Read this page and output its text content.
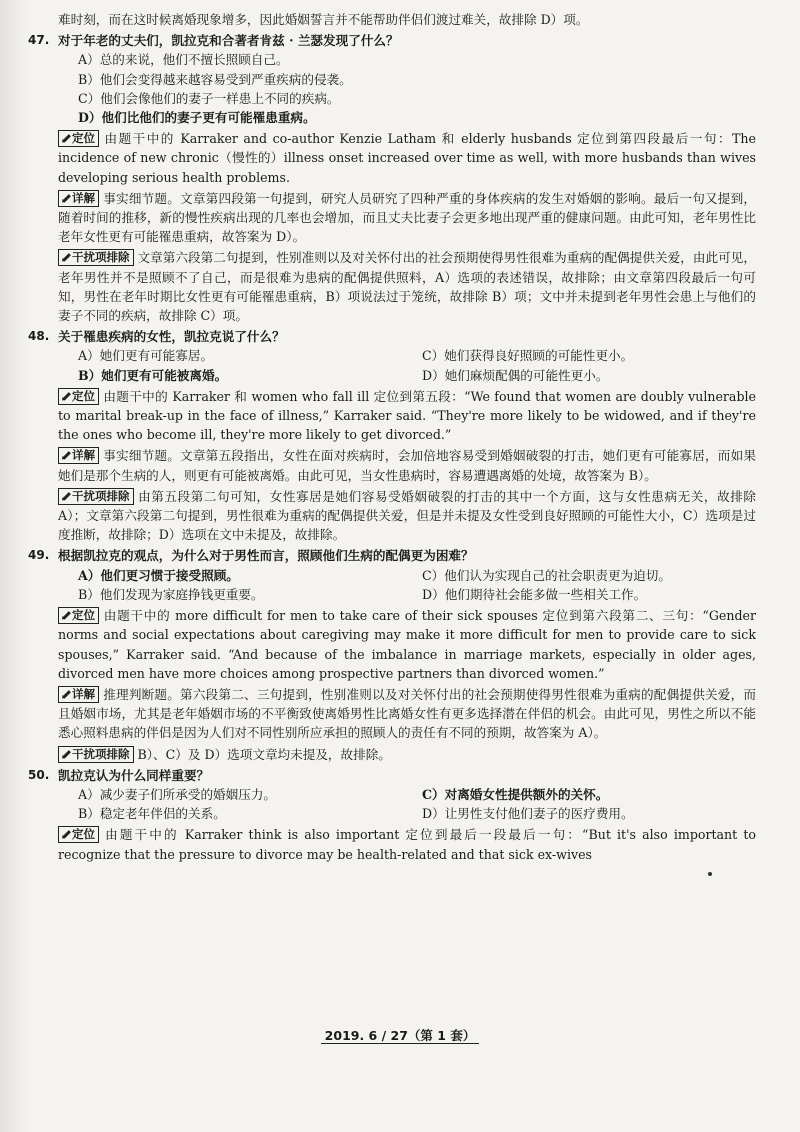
难时刻，而在这时候离婚现象增多，因此婚姻誓言并不能帮助伴侣们渡过难关，故排除 D）项。

47. 对于年老的丈夫们，凯拉克和合著者肯兹 · 兰瑟发现了什么？

A）总的来说，他们不擅长照顾自己。

B）他们会变得越来越容易受到严重疾病的侵袭。

C）他们会像他们的妻子一样患上不同的疾病。

D）他们比他们的妻子更有可能罹患重病。

定位 由题干中的 Karraker and co-author Kenzie Latham 和 elderly husbands 定位到第四段最后一句：The incidence of new chronic（慢性的）illness onset increased over time as well, with more husbands than wives developing serious health problems.

详解 事实细节题。文章第四段第一句提到，研究人员研究了四种严重的身体疾病的发生对婚姻的影响。最后一句又提到，随着时间的推移，新的慢性疾病出现的几率也会增加，而且丈夫比妻子会更多地出现严重的健康问题。由此可知，老年男性比老年女性更有可能罹患重病，故答案为 D）。

干扰项排除 文章第六段第二句提到，性别准则以及对关怀付出的社会预期使得男性很难为重病的配偶提供关爱，由此可见，老年男性并不是照顾不了自己，而是很难为患病的配偶提供照料，A）选项的表述错误，故排除；由文章第四段最后一句可知，男性在老年时期比女性更有可能罹患重病，B）项说法过于笼统，故排除 B）项；文中并未提到老年男性会患上与他们的妻子不同的疾病，故排除 C）项。

48. 关于罹患疾病的女性，凯拉克说了什么？

A）她们更有可能寡居。	C）她们获得良好照顾的可能性更小。

B）她们更有可能被离婚。	D）她们麻烦配偶的可能性更小。

定位 由题干中的 Karraker 和 women who fall ill 定位到第五段：“We found that women are doubly vulnerable to marital break-up in the face of illness,” Karraker said. “They're more likely to be widowed, and if they're the ones who become ill, they're more likely to get divorced.”

详解 事实细节题。文章第五段指出，女性在面对疾病时，会加倍地容易受到婚姻破裂的打击，她们更有可能寡居，而如果她们是那个生病的人，则更有可能被离婚。由此可见，当女性患病时，容易遭遇离婚的处境，故答案为 B）。

干扰项排除 由第五段第二句可知，女性寡居是她们容易受婚姻破裂的打击的其中一个方面，这与女性患病无关，故排除 A）；文章第六段第二句提到，男性很难为重病的配偶提供关爱，但是并未提及女性受到良好照顾的可能性大小，C）选项是过度推断，故排除；D）选项在文中未提及，故排除。

49. 根据凯拉克的观点，为什么对于男性而言，照顾他们生病的配偶更为困难？

A）他们更习惯于接受照顾。	C）他们认为实现自己的社会职责更为迫切。

B）他们发现为家庭挣钱更重要。	D）他们期待社会能多做一些相关工作。

定位 由题干中的 more difficult for men to take care of their sick spouses 定位到第六段第二、三句：“Gender norms and social expectations about caregiving may make it more difficult for men to provide care to sick spouses,” Karraker said. “And because of the imbalance in marriage markets, especially in older ages, divorced men have more choices among prospective partners than divorced women.”

详解 推理判断题。第六段第二、三句提到，性别准则以及对关怀付出的社会预期使得男性很难为重病的配偶提供关爱，而且婚姻市场，尤其是老年婚姻市场的不平衡致使离婚男性比离婚女性有更多选择潜在伴侣的机会。由此可见，男性之所以不能悉心照料患病的伴侣是因为人们对不同性别所应承担的照顾人的责任有不同的预期，故答案为 A）。

干扰项排除 B）、C）及 D）选项文章均未提及，故排除。

50. 凯拉克认为什么同样重要？

A）减少妻子们所承受的婚姻压力。	C）对离婚女性提供额外的关怀。

B）稳定老年伴侣的关系。	D）让男性支付他们妻子的医疗费用。

定位 由题干中的 Karraker think is also important 定位到最后一段最后一句：“But it's also important to recognize that the pressure to divorce may be health-related and that sick ex-wives

2019. 6 / 27（第 1 套）
